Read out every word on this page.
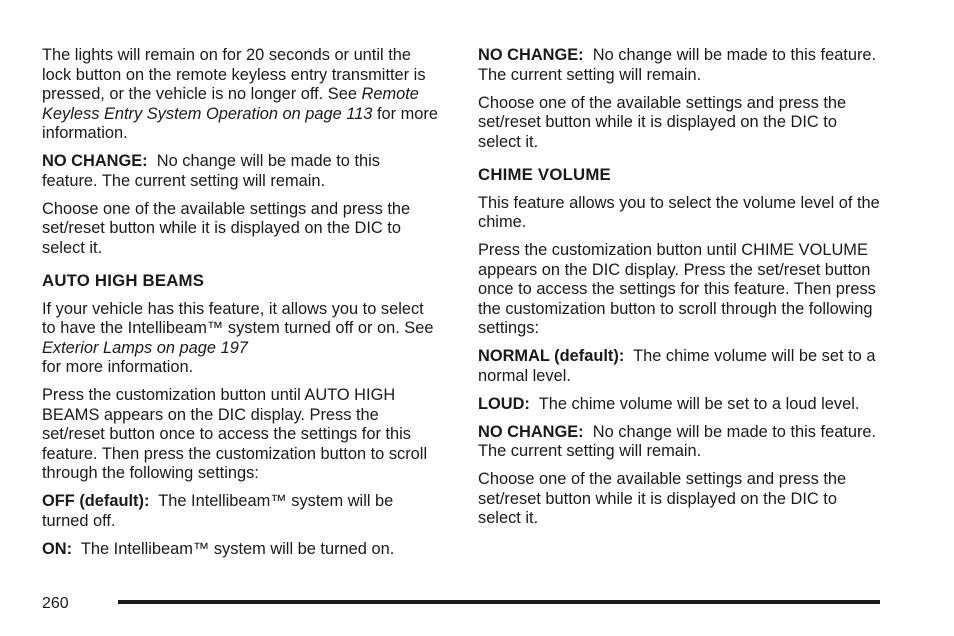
The lights will remain on for 20 seconds or until the lock button on the remote keyless entry transmitter is pressed, or the vehicle is no longer off. See Remote Keyless Entry System Operation on page 113 for more information.

NO CHANGE: No change will be made to this feature. The current setting will remain.

Choose one of the available settings and press the set/reset button while it is displayed on the DIC to select it.

AUTO HIGH BEAMS

If your vehicle has this feature, it allows you to select to have the Intellibeam™ system turned off or on. See Exterior Lamps on page 197
for more information.

Press the customization button until AUTO HIGH BEAMS appears on the DIC display. Press the set/reset button once to access the settings for this feature. Then press the customization button to scroll through the following settings:

OFF (default): The Intellibeam™ system will be turned off.

ON: The Intellibeam™ system will be turned on.

NO CHANGE: No change will be made to this feature. The current setting will remain.

Choose one of the available settings and press the set/reset button while it is displayed on the DIC to select it.

CHIME VOLUME

This feature allows you to select the volume level of the chime.

Press the customization button until CHIME VOLUME appears on the DIC display. Press the set/reset button once to access the settings for this feature. Then press the customization button to scroll through the following settings:

NORMAL (default): The chime volume will be set to a normal level.

LOUD: The chime volume will be set to a loud level.

NO CHANGE: No change will be made to this feature. The current setting will remain.

Choose one of the available settings and press the set/reset button while it is displayed on the DIC to select it.

260
